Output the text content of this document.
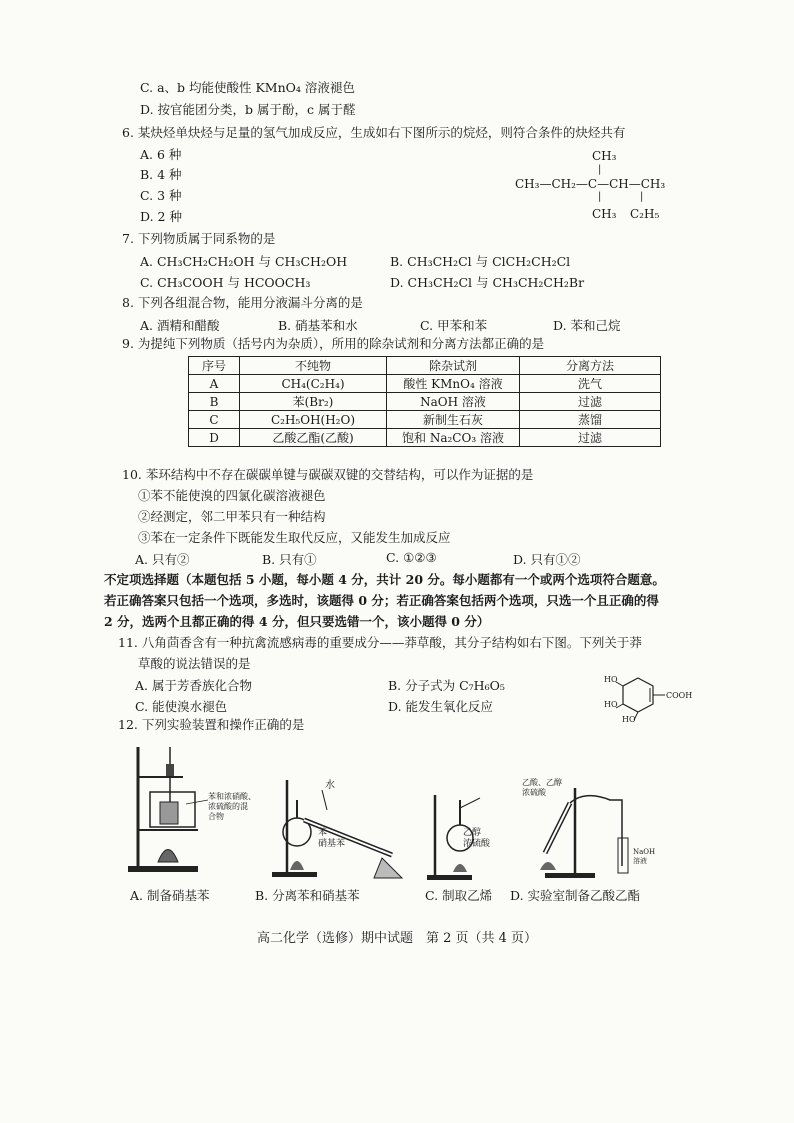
C. a、b 均能使酸性 KMnO₄ 溶液褪色
D. 按官能团分类，b 属于酚，c 属于醛
6. 某炔烃单炔烃与足量的氢气加成反应，生成如右下图所示的烷烃，则符合条件的炔烃共有
A. 6 种
B. 4 种
C. 3 种
D. 2 种
CH₃
|
CH₃—CH₂—C—CH—CH₃
|	|
CH₃ C₂H₅
7. 下列物质属于同系物的是
A. CH₃CH₂CH₂OH 与 CH₃CH₂OH	B. CH₃CH₂Cl 与 ClCH₂CH₂Cl
C. CH₃COOH 与 HCOOCH₃	D. CH₃CH₂Cl 与 CH₃CH₂CH₂Br
8. 下列各组混合物，能用分液漏斗分离的是
A. 酒精和醋酸	B. 硝基苯和水	C. 甲苯和苯	D. 苯和己烷
9. 为提纯下列物质（括号内为杂质），所用的除杂试剂和分离方法都正确的是
序号	不纯物	除杂试剂	分离方法
A	CH₄(C₂H₄)	酸性 KMnO₄ 溶液	洗气
B	苯(Br₂)	NaOH 溶液	过滤
C	C₂H₅OH(H₂O)	新制生石灰	蒸馏
D	乙酸乙酯(乙酸)	饱和 Na₂CO₃ 溶液	过滤
10. 苯环结构中不存在碳碳单键与碳碳双键的交替结构，可以作为证据的是
①苯不能使溴的四氯化碳溶液褪色
②经测定，邻二甲苯只有一种结构
③苯在一定条件下既能发生取代反应，又能发生加成反应
A. 只有②	B. 只有①	C. ①②③	D. 只有①②
不定项选择题（本题包括 5 小题，每小题 4 分，共计 20 分。每小题都有一个或两个选项符合题意。
若正确答案只包括一个选项，多选时，该题得 0 分；若正确答案包括两个选项，只选一个且正确的得
2 分，选两个且都正确的得 4 分，但只要选错一个，该小题得 0 分）
11. 八角茴香含有一种抗禽流感病毒的重要成分——莽草酸，其分子结构如右下图。下列关于莽
草酸的说法错误的是
A. 属于芳香族化合物	B. 分子式为 C₇H₆O₅
C. 能使溴水褪色	D. 能发生氧化反应
HO
HO
HO
COOH
12. 下列实验装置和操作正确的是
苯和浓硝酸、
浓硫酸的混
合物
水
苯
硝基苯
乙醇
浓硫酸
乙酸、乙醇
浓硫酸
NaOH
溶液
A. 制备硝基苯	B. 分离苯和硝基苯	C. 制取乙烯 D. 实验室制备乙酸乙酯
高二化学（选修）期中试题　第 2 页（共 4 页）
